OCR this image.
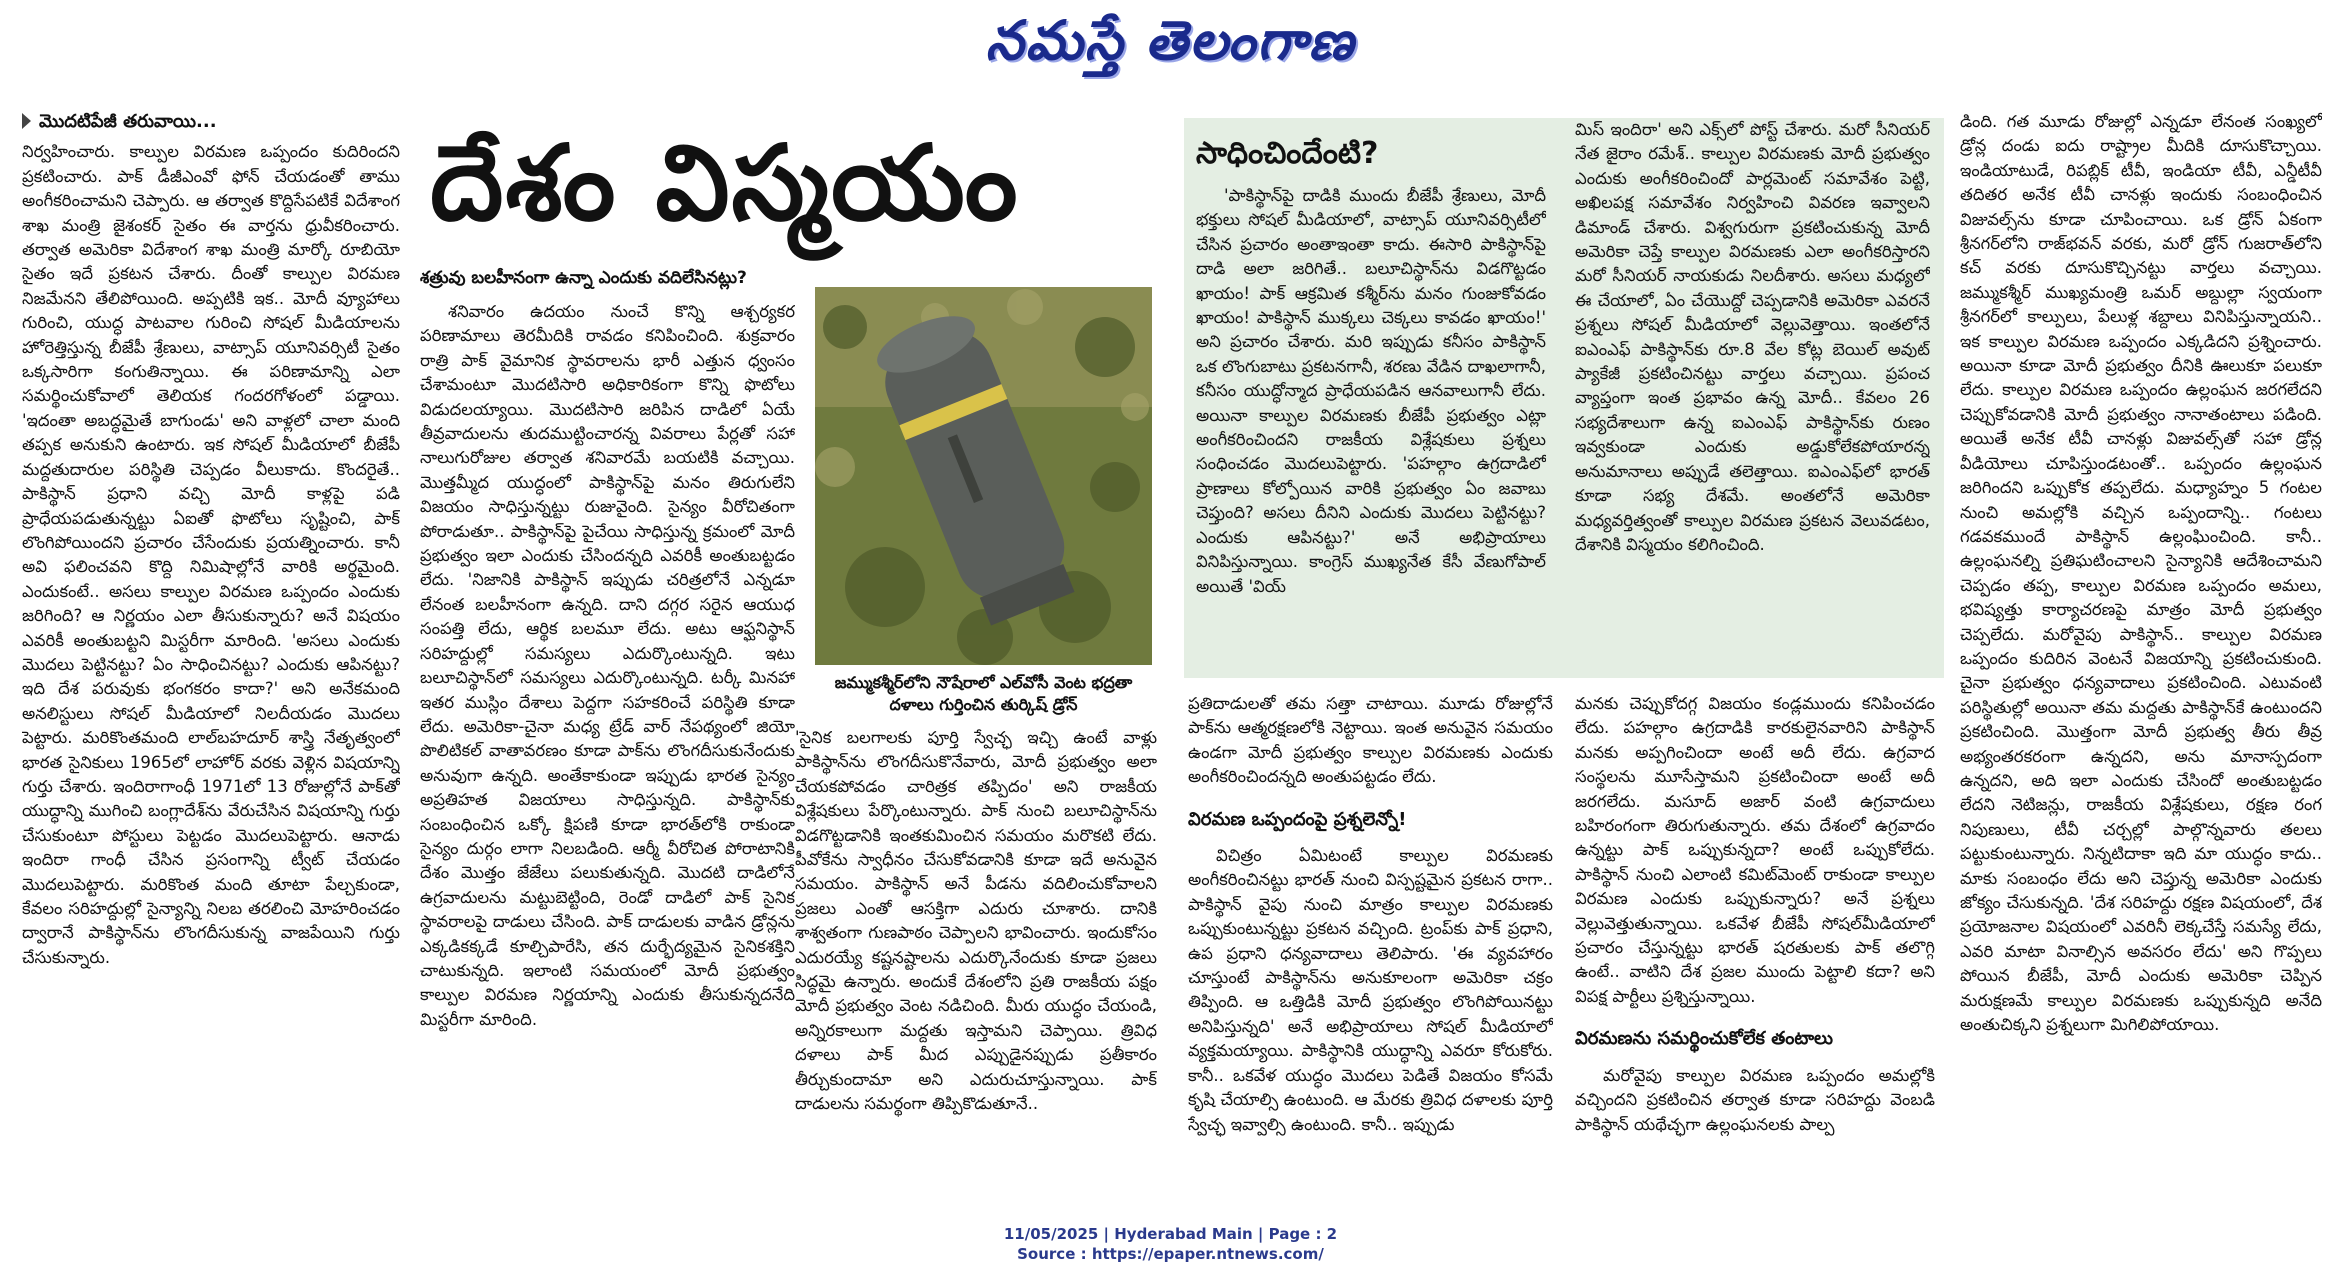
నమస్తే తెలంగాణ
మొదటిపేజీ తరువాయి...

నిర్వహించారు. కాల్పుల విరమణ ఒప్పందం కుదిరిందని ప్రకటించారు. పాక్ డీజీఎంవో ఫోన్ చేయడంతో తాము అంగీకరించామని చెప్పారు. ఆ తర్వాత కొద్దిసేపటికే విదేశాంగ శాఖ మంత్రి జైశంకర్ సైతం ఈ వార్తను ధ్రువీకరించారు. తర్వాత అమెరికా విదేశాంగ శాఖ మంత్రి మార్కో రూబియో సైతం ఇదే ప్రకటన చేశారు. దీంతో కాల్పుల విరమణ నిజమేనని తేలిపోయింది. అప్పటికి ఇక.. మోదీ వ్యూహాలు గురించి, యుద్ధ పాటవాల గురించి సోషల్ మీడియాలను హోరెత్తిస్తున్న బీజేపీ శ్రేణులు, వాట్సాప్ యూనివర్సిటీ సైతం ఒక్కసారిగా కంగుతిన్నాయి. ఈ పరిణామాన్ని ఎలా సమర్థించుకోవాలో తెలియక గందరగోళంలో పడ్డాయి. 'ఇదంతా అబద్ధమైతే బాగుండు' అని వాళ్లలో చాలా మంది తప్పక అనుకుని ఉంటారు. ఇక సోషల్ మీడియాలో బీజేపీ మద్దతుదారుల పరిస్థితి చెప్పడం వీలుకాదు. కొందరైతే.. పాకిస్థాన్ ప్రధాని వచ్చి మోదీ కాళ్లపై పడి ప్రాధేయపడుతున్నట్టు ఏఐతో ఫొటోలు సృష్టించి, పాక్ లొంగిపోయిందని ప్రచారం చేసేందుకు ప్రయత్నించారు. కానీ అవి ఫలించవని కొద్ది నిమిషాల్లోనే వారికి అర్థమైంది. ఎందుకంటే.. అసలు కాల్పుల విరమణ ఒప్పందం ఎందుకు జరిగింది? ఆ నిర్ణయం ఎలా తీసుకున్నారు? అనే విషయం ఎవరికీ అంతుబట్టని మిస్టరీగా మారింది. 'అసలు ఎందుకు మొదలు పెట్టినట్టు? ఏం సాధించినట్టు? ఎందుకు ఆపినట్టు? ఇది దేశ పరువుకు భంగకరం కాదా?' అని అనేకమంది అనలిస్టులు సోషల్ మీడియాలో నిలదీయడం మొదలు పెట్టారు. మరికొంతమంది లాల్‌బహదూర్ శాస్త్రి నేతృత్వంలో భారత సైనికులు 1965లో లాహోర్ వరకు వెళ్లిన విషయాన్ని గుర్తు చేశారు. ఇందిరాగాంధీ 1971లో 13 రోజుల్లోనే పాక్‌తో యుద్ధాన్ని ముగించి బంగ్లాదేశ్‌ను వేరుచేసిన విషయాన్ని గుర్తు చేసుకుంటూ పోస్టులు పెట్టడం మొదలుపెట్టారు. ఆనాడు ఇందిరా గాంధీ చేసిన ప్రసంగాన్ని ట్వీట్ చేయడం మొదలుపెట్టారు. మరికొంత మంది తూటా పేల్చకుండా, కేవలం సరిహద్దుల్లో సైన్యాన్ని నిలబ తరలించి మోహరించడం ద్వారానే పాకిస్థాన్‌ను లొంగదీసుకున్న వాజపేయిని గుర్తు చేసుకున్నారు.

దేశం విస్మయం
శత్రువు బలహీనంగా ఉన్నా ఎందుకు వదిలేసినట్లు?

శనివారం ఉదయం నుంచే కొన్ని ఆశ్చర్యకర పరిణామాలు తెరమీదికి రావడం కనిపించింది. శుక్రవారం రాత్రి పాక్ వైమానిక స్థావరాలను భారీ ఎత్తున ధ్వంసం చేశామంటూ మొదటిసారి అధికారికంగా కొన్ని ఫొటోలు విడుదలయ్యాయి. మొదటిసారి జరిపిన దాడిలో ఏయే తీవ్రవాదులను తుదముట్టించారన్న వివరాలు పేర్లతో సహా నాలుగురోజుల తర్వాత శనివారమే బయటికి వచ్చాయి. మొత్తమ్మీద యుద్ధంలో పాకిస్థాన్‌పై మనం తిరుగులేని విజయం సాధిస్తున్నట్టు రుజువైంది. సైన్యం వీరోచితంగా పోరాడుతూ.. పాకిస్థాన్‌పై పైచేయి సాధిస్తున్న క్రమంలో మోదీ ప్రభుత్వం ఇలా ఎందుకు చేసిందన్నది ఎవరికీ అంతుబట్టడం లేదు. 'నిజానికి పాకిస్థాన్ ఇప్పుడు చరిత్రలోనే ఎన్నడూ లేనంత బలహీనంగా ఉన్నది. దాని దగ్గర సరైన ఆయుధ సంపత్తి లేదు, ఆర్థిక బలమూ లేదు. అటు ఆఫ్ఘనిస్థాన్ సరిహద్దుల్లో సమస్యలు ఎదుర్కొంటున్నది. ఇటు బలూచిస్థాన్‌లో సమస్యలు ఎదుర్కొంటున్నది. టర్కీ మినహా ఇతర ముస్లిం దేశాలు పెద్దగా సహకరించే పరిస్థితి కూడా లేదు. అమెరికా-చైనా మధ్య ట్రేడ్ వార్ నేపథ్యంలో జియో పొలిటికల్ వాతావరణం కూడా పాక్‌ను లొంగదీసుకునేందుకు అనువుగా ఉన్నది. అంతేకాకుండా ఇప్పుడు భారత సైన్యం అప్రతిహత విజయాలు సాధిస్తున్నది. పాకిస్థాన్‌కు సంబంధించిన ఒక్కో క్షిపణి కూడా భారత్‌లోకి రాకుండా సైన్యం దుర్గం లాగా నిలబడింది. ఆర్మీ వీరోచిత పోరాటానికి దేశం మొత్తం జేజేలు పలుకుతున్నది. మొదటి దాడిలోనే ఉగ్రవాదులను మట్టుబెట్టింది, రెండో దాడిలో పాక్ సైనిక స్థావరాలపై దాడులు చేసింది. పాక్ దాడులకు వాడిన డ్రోన్లను ఎక్కడికక్కడే కూల్చిపారేసి, తన దుర్భేద్యమైన సైనికశక్తిని చాటుకున్నది. ఇలాంటి సమయంలో మోదీ ప్రభుత్వం కాల్పుల విరమణ నిర్ణయాన్ని ఎందుకు తీసుకున్నదనేది మిస్టరీగా మారింది.

జమ్ముకశ్మీర్‌లోని నౌషేరాలో ఎల్‌వోసీ వెంట భద్రతా దళాలు గుర్తించిన తుర్కిష్ డ్రోన్

'సైనిక బలగాలకు పూర్తి స్వేచ్ఛ ఇచ్చి ఉంటే వాళ్లు పాకిస్థాన్‌ను లొంగదీసుకొనేవారు, మోదీ ప్రభుత్వం అలా చేయకపోవడం చారిత్రక తప్పిదం' అని రాజకీయ విశ్లేషకులు పేర్కొంటున్నారు. పాక్ నుంచి బలూచిస్థాన్‌ను విడగొట్టడానికి ఇంతకుమించిన సమయం మరొకటి లేదు. పీవోకేను స్వాధీనం చేసుకోవడానికి కూడా ఇదే అనువైన సమయం. పాకిస్థాన్ అనే పీడను వదిలించుకోవాలని ప్రజలు ఎంతో ఆసక్తిగా ఎదురు చూశారు. దానికి శాశ్వతంగా గుణపాఠం చెప్పాలని భావించారు. ఇందుకోసం ఎదురయ్యే కష్టనష్టాలను ఎదుర్కొనేందుకు కూడా ప్రజలు సిద్ధమై ఉన్నారు. అందుకే దేశంలోని ప్రతి రాజకీయ పక్షం మోదీ ప్రభుత్వం వెంట నడిచింది. మీరు యుద్ధం చేయండి, అన్నిరకాలుగా మద్దతు ఇస్తామని చెప్పాయి. త్రివిధ దళాలు పాక్ మీద ఎప్పుడైనప్పుడు ప్రతీకారం తీర్చుకుందామా అని ఎదురుచూస్తున్నాయి. పాక్ దాడులను సమర్థంగా తిప్పికొడుతూనే..

సాధించిందేంటి?

'పాకిస్థాన్‌పై దాడికి ముందు బీజేపీ శ్రేణులు, మోదీ భక్తులు సోషల్ మీడియాలో, వాట్సాప్ యూనివర్సిటీలో చేసిన ప్రచారం అంతాఇంతా కాదు. ఈసారి పాకిస్థాన్‌పై దాడి అలా జరిగితే.. బలూచిస్థాన్‌ను విడగొట్టడం ఖాయం! పాక్ ఆక్రమిత కశ్మీర్‌ను మనం గుంజుకోవడం ఖాయం! పాకిస్థాన్ ముక్కలు చెక్కలు కావడం ఖాయం!' అని ప్రచారం చేశారు. మరి ఇప్పుడు కనీసం పాకిస్థాన్ ఒక లొంగుబాటు ప్రకటనగానీ, శరణు వేడిన దాఖలాగానీ, కనీసం యుద్ధోన్మాద ప్రాధేయపడిన ఆనవాలుగానీ లేదు. అయినా కాల్పుల విరమణకు బీజేపీ ప్రభుత్వం ఎట్లా అంగీకరించిందని రాజకీయ విశ్లేషకులు ప్రశ్నలు సంధించడం మొదలుపెట్టారు. 'పహల్గాం ఉగ్రదాడిలో ప్రాణాలు కోల్పోయిన వారికి ప్రభుత్వం ఏం జవాబు చెప్తుంది? అసలు దీనిని ఎందుకు మొదలు పెట్టినట్టు? ఎందుకు ఆపినట్టు?' అనే అభిప్రాయాలు వినిపిస్తున్నాయి. కాంగ్రెస్ ముఖ్యనేత కేసీ వేణుగోపాల్ అయితే 'వియ్

మిస్ ఇందిరా' అని ఎక్స్‌లో పోస్ట్ చేశారు. మరో సీనియర్ నేత జైరాం రమేశ్.. కాల్పుల విరమణకు మోదీ ప్రభుత్వం ఎందుకు అంగీకరించిందో పార్లమెంట్ సమావేశం పెట్టి, అఖిలపక్ష సమావేశం నిర్వహించి వివరణ ఇవ్వాలని డిమాండ్ చేశారు. విశ్వగురుగా ప్రకటించుకున్న మోదీ అమెరికా చెప్తే కాల్పుల విరమణకు ఎలా అంగీకరిస్తారని మరో సీనియర్ నాయకుడు నిలదీశారు. అసలు మధ్యలో ఈ చేయాలో, ఏం చేయొద్దో చెప్పడానికి అమెరికా ఎవరనే ప్రశ్నలు సోషల్ మీడియాలో వెల్లువెత్తాయి. ఇంతలోనే ఐఎంఎఫ్ పాకిస్థాన్‌కు రూ.8 వేల కోట్ల బెయిల్ అవుట్ ప్యాకేజీ ప్రకటించినట్టు వార్తలు వచ్చాయి. ప్రపంచ వ్యాప్తంగా ఇంత ప్రభావం ఉన్న మోదీ.. కేవలం 26 సభ్యదేశాలుగా ఉన్న ఐఎంఎఫ్ పాకిస్థాన్‌కు రుణం ఇవ్వకుండా ఎందుకు అడ్డుకోలేకపోయారన్న అనుమానాలు అప్పుడే తలెత్తాయి. ఐఎంఎఫ్‌లో భారత్ కూడా సభ్య దేశమే. అంతలోనే అమెరికా మధ్యవర్తిత్వంతో కాల్పుల విరమణ ప్రకటన వెలువడటం, దేశానికి విస్మయం కలిగించింది.

ప్రతిదాడులతో తమ సత్తా చాటాయి. మూడు రోజుల్లోనే పాక్‌ను ఆత్మరక్షణలోకి నెట్టాయి. ఇంత అనువైన సమయం ఉండగా మోదీ ప్రభుత్వం కాల్పుల విరమణకు ఎందుకు అంగీకరించిందన్నది అంతుపట్టడం లేదు.

విరమణ ఒప్పందంపై ప్రశ్నలెన్నో!

విచిత్రం ఏమిటంటే కాల్పుల విరమణకు అంగీకరించినట్టు భారత్ నుంచి విస్పష్టమైన ప్రకటన రాగా.. పాకిస్థాన్ వైపు నుంచి మాత్రం కాల్పుల విరమణకు ఒప్పుకుంటున్నట్టు ప్రకటన వచ్చింది. ట్రంప్‌కు పాక్ ప్రధాని, ఉప ప్రధాని ధన్యవాదాలు తెలిపారు. 'ఈ వ్యవహారం చూస్తుంటే పాకిస్థాన్‌ను అనుకూలంగా అమెరికా చక్రం తిప్పింది. ఆ ఒత్తిడికి మోదీ ప్రభుత్వం లొంగిపోయినట్టు అనిపిస్తున్నది' అనే అభిప్రాయాలు సోషల్ మీడియాలో వ్యక్తమయ్యాయి. పాకిస్థానికి యుద్ధాన్ని ఎవరూ కోరుకోరు. కానీ.. ఒకవేళ యుద్ధం మొదలు పెడితే విజయం కోసమే కృషి చేయాల్సి ఉంటుంది. ఆ మేరకు త్రివిధ దళాలకు పూర్తి స్వేచ్ఛ ఇవ్వాల్సి ఉంటుంది. కానీ.. ఇప్పుడు

మనకు చెప్పుకోదగ్గ విజయం కండ్లముందు కనిపించడం లేదు. పహల్గాం ఉగ్రదాడికి కారకులైనవారిని పాకిస్థాన్ మనకు అప్పగించిందా అంటే అదీ లేదు. ఉగ్రవాద సంస్థలను మూసేస్తామని ప్రకటించిందా అంటే అదీ జరగలేదు. మసూద్ అజార్ వంటి ఉగ్రవాదులు బహిరంగంగా తిరుగుతున్నారు. తమ దేశంలో ఉగ్రవాదం ఉన్నట్టు పాక్ ఒప్పుకున్నదా? అంటే ఒప్పుకోలేదు. పాకిస్థాన్ నుంచి ఎలాంటి కమిట్‌మెంట్ రాకుండా కాల్పుల విరమణ ఎందుకు ఒప్పుకున్నారు? అనే ప్రశ్నలు వెల్లువెత్తుతున్నాయి. ఒకవేళ బీజేపీ సోషల్‌మీడియాలో ప్రచారం చేస్తున్నట్టు భారత్ షరతులకు పాక్ తలొగ్గి ఉంటే.. వాటిని దేశ ప్రజల ముందు పెట్టాలి కదా? అని విపక్ష పార్టీలు ప్రశ్నిస్తున్నాయి.

విరమణను సమర్థించుకోలేక తంటాలు

మరోవైపు కాల్పుల విరమణ ఒప్పందం అమల్లోకి వచ్చిందని ప్రకటించిన తర్వాత కూడా సరిహద్దు వెంబడి పాకిస్థాన్ యథేచ్ఛగా ఉల్లంఘనలకు పాల్ప

డింది. గత మూడు రోజుల్లో ఎన్నడూ లేనంత సంఖ్యలో డ్రోన్ల దండు ఐదు రాష్ట్రాల మీదికి దూసుకొచ్చాయి. ఇండియాటుడే, రిపబ్లిక్ టీవీ, ఇండియా టీవీ, ఎన్డీటీవీ తదితర అనేక టీవీ చానళ్లు ఇందుకు సంబంధించిన విజువల్స్‌ను కూడా చూపించాయి. ఒక డ్రోన్ ఏకంగా శ్రీనగర్‌లోని రాజ్‌భవన్ వరకు, మరో డ్రోన్ గుజరాత్‌లోని కచ్ వరకు దూసుకొచ్చినట్టు వార్తలు వచ్చాయి. జమ్ముకశ్మీర్ ముఖ్యమంత్రి ఒమర్ అబ్దుల్లా స్వయంగా శ్రీనగర్‌లో కాల్పులు, పేలుళ్ల శబ్దాలు వినిపిస్తున్నాయని.. ఇక కాల్పుల విరమణ ఒప్పందం ఎక్కడిదని ప్రశ్నించారు. అయినా కూడా మోదీ ప్రభుత్వం దీనికి ఊలుకూ పలుకూ లేదు. కాల్పుల విరమణ ఒప్పందం ఉల్లంఘన జరగలేదని చెప్పుకోవడానికి మోదీ ప్రభుత్వం నానాతంటాలు పడింది. అయితే అనేక టీవీ చానళ్లు విజువల్స్‌తో సహా డ్రోన్ల వీడియోలు చూపిస్తుండటంతో.. ఒప్పందం ఉల్లంఘన జరిగిందని ఒప్పుకోక తప్పలేదు. మధ్యాహ్నం 5 గంటల నుంచి అమల్లోకి వచ్చిన ఒప్పందాన్ని.. గంటలు గడవకముందే పాకిస్థాన్ ఉల్లంఘించింది. కానీ.. ఉల్లంఘనల్ని ప్రతిఘటించాలని సైన్యానికి ఆదేశించామని చెప్పడం తప్ప, కాల్పుల విరమణ ఒప్పందం అమలు, భవిష్యత్తు కార్యాచరణపై మాత్రం మోదీ ప్రభుత్వం చెప్పలేదు. మరోవైపు పాకిస్థాన్.. కాల్పుల విరమణ ఒప్పందం కుదిరిన వెంటనే విజయాన్ని ప్రకటించుకుంది. చైనా ప్రభుత్వం ధన్యవాదాలు ప్రకటించింది. ఎటువంటి పరిస్థితుల్లో అయినా తమ మద్దతు పాకిస్థాన్‌కే ఉంటుందని ప్రకటించింది. మొత్తంగా మోదీ ప్రభుత్వ తీరు తీవ్ర అభ్యంతరకరంగా ఉన్నదని, అను మానాస్పదంగా ఉన్నదని, అది ఇలా ఎందుకు చేసిందో అంతుబట్టడం లేదని నెటిజన్లు, రాజకీయ విశ్లేషకులు, రక్షణ రంగ నిపుణులు, టీవీ చర్చల్లో పాల్గొన్నవారు తలలు పట్టుకుంటున్నారు. నిన్నటిదాకా ఇది మా యుద్ధం కాదు.. మాకు సంబంధం లేదు అని చెప్తున్న అమెరికా ఎందుకు జోక్యం చేసుకున్నది. 'దేశ సరిహద్దు రక్షణ విషయంలో, దేశ ప్రయోజనాల విషయంలో ఎవరినీ లెక్కచేస్తే సమస్యే లేదు, ఎవరి మాటా వినాల్సిన అవసరం లేదు' అని గొప్పలు పోయిన బీజేపీ, మోదీ ఎందుకు అమెరికా చెప్పిన మరుక్షణమే కాల్పుల విరమణకు ఒప్పుకున్నది అనేది అంతుచిక్కని ప్రశ్నలుగా మిగిలిపోయాయి.

11/05/2025 | Hyderabad Main | Page : 2
Source : https://epaper.ntnews.com/
